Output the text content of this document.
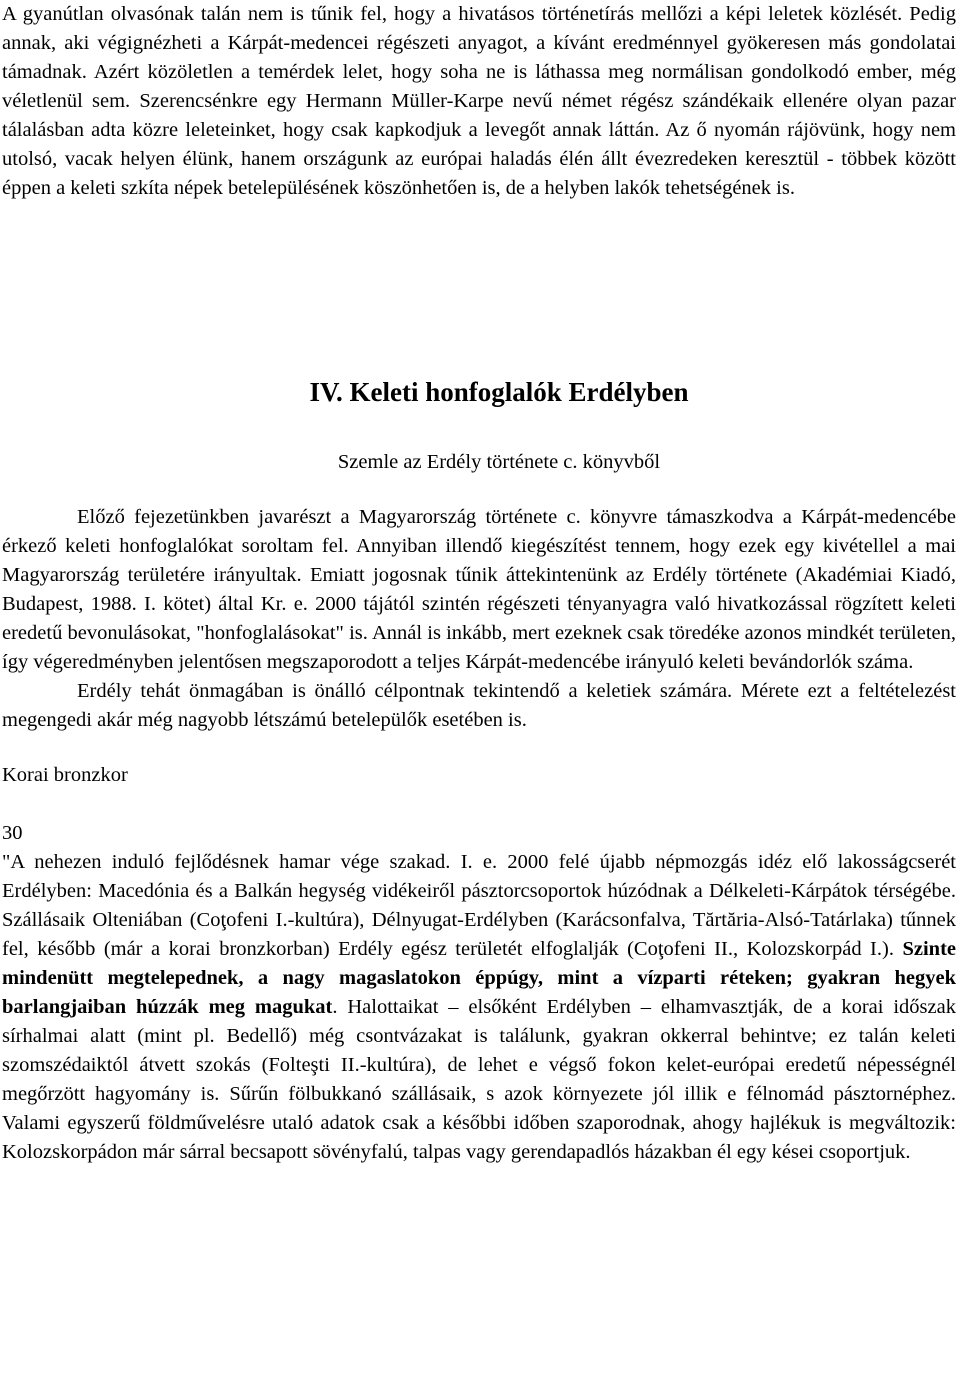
A gyanútlan olvasónak talán nem is tűnik fel, hogy a hivatásos történetírás mellőzi a képi leletek közlését. Pedig annak, aki végignézheti a Kárpát-medencei régészeti anyagot, a kívánt eredménnyel gyökeresen más gondolatai támadnak. Azért közöletlen a temérdek lelet, hogy soha ne is láthassa meg normálisan gondolkodó ember, még véletlenül sem. Szerencsénkre egy Hermann Müller-Karpe nevű német régész szándékaik ellenére olyan pazar tálalásban adta közre leleteinket, hogy csak kapkodjuk a levegőt annak láttán. Az ő nyomán rájövünk, hogy nem utolsó, vacak helyen élünk, hanem országunk az európai haladás élén állt évezredeken keresztül - többek között éppen a keleti szkíta népek betelepülésének köszönhetően is, de a helyben lakók tehetségének is.

IV. Keleti honfoglalók Erdélyben

Szemle az Erdély története c. könyvből

Előző fejezetünkben javarészt a Magyarország története c. könyvre támaszkodva a Kárpát-medencébe érkező keleti honfoglalókat soroltam fel. Annyiban illendő kiegészítést tennem, hogy ezek egy kivétellel a mai Magyarország területére irányultak. Emiatt jogosnak tűnik áttekintenünk az Erdély története (Akadémiai Kiadó, Budapest, 1988. I. kötet) által Kr. e. 2000 tájától szintén régészeti tényanyagra való hivatkozással rögzített keleti eredetű bevonulásokat, "honfoglalásokat" is. Annál is inkább, mert ezeknek csak töredéke azonos mindkét területen, így végeredményben jelentősen megszaporodott a teljes Kárpát-medencébe irányuló keleti bevándorlók száma.

Erdély tehát önmagában is önálló célpontnak tekintendő a keletiek számára. Mérete ezt a feltételezést megengedi akár még nagyobb létszámú betelepülők esetében is.

Korai bronzkor

30

"A nehezen induló fejlődésnek hamar vége szakad. I. e. 2000 felé újabb népmozgás idéz elő lakosságcserét Erdélyben: Macedónia és a Balkán hegység vidékeiről pásztorcsoportok húzódnak a Délkeleti-Kárpátok térségébe. Szállásaik Olteniában (Coţofeni I.-kultúra), Délnyugat-Erdélyben (Karácsonfalva, Tărtăria-Alsó-Tatárlaka) tűnnek fel, később (már a korai bronzkorban) Erdély egész területét elfoglalják (Coţofeni II., Kolozskorpád I.). Szinte mindenütt megtelepednek, a nagy magaslatokon éppúgy, mint a vízparti réteken; gyakran hegyek barlangjaiban húzzák meg magukat. Halottaikat – elsőként Erdélyben – elhamvasztják, de a korai időszak sírhalmai alatt (mint pl. Bedellő) még csontvázakat is találunk, gyakran okkerral behintve; ez talán keleti szomszédaiktól átvett szokás (Folteşti II.-kultúra), de lehet e végső fokon kelet-európai eredetű népességnél megőrzött hagyomány is. Sűrűn fölbukkanó szállásaik, s azok környezete jól illik e félnomád pásztornéphez. Valami egyszerű földművelésre utaló adatok csak a későbbi időben szaporodnak, ahogy hajlékuk is megváltozik: Kolozskorpádon már sárral becsapott sövényfalú, talpas vagy gerendapadlós házakban él egy kései csoportjuk.
